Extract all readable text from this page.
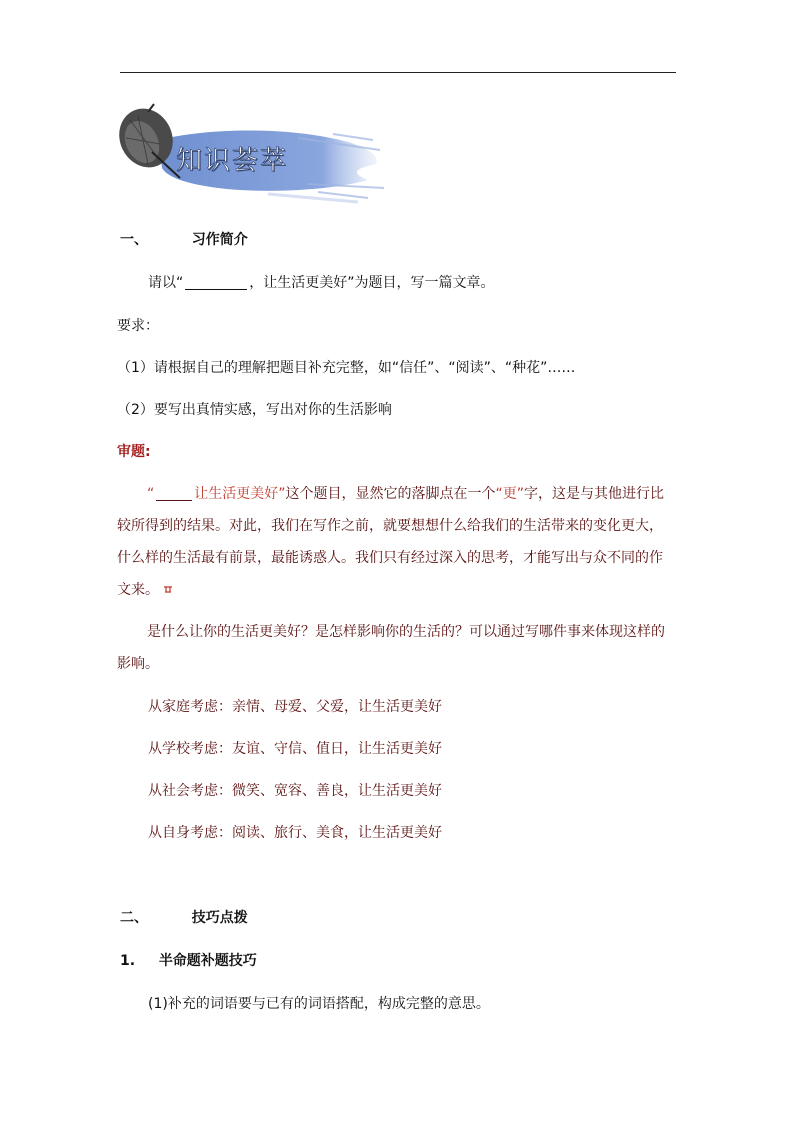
知识荟萃
一、	习作简介
请以“	，让生活更美好”为题目，写一篇文章。
要求：
（1）请根据自己的理解把题目补充完整，如“信任”、“阅读”、“种花”……
（2）要写出真情实感，写出对你的生活影响
审题:
“	让生活更美好”这个题目，显然它的落脚点在一个“更”字，这是与其他进行比较所得到的结果。对此，我们在写作之前，就要想想什么给我们的生活带来的变化更大，什么样的生活最有前景，最能诱惑人。我们只有经过深入的思考，才能写出与众不同的作文来。
是什么让你的生活更美好？是怎样影响你的生活的？可以通过写哪件事来体现这样的影响。
从家庭考虑：亲情、母爱、父爱，让生活更美好
从学校考虑：友谊、守信、值日，让生活更美好
从社会考虑：微笑、宽容、善良，让生活更美好
从自身考虑：阅读、旅行、美食，让生活更美好
二、	技巧点拨
1. 半命题补题技巧
(1)补充的词语要与已有的词语搭配，构成完整的意思。
